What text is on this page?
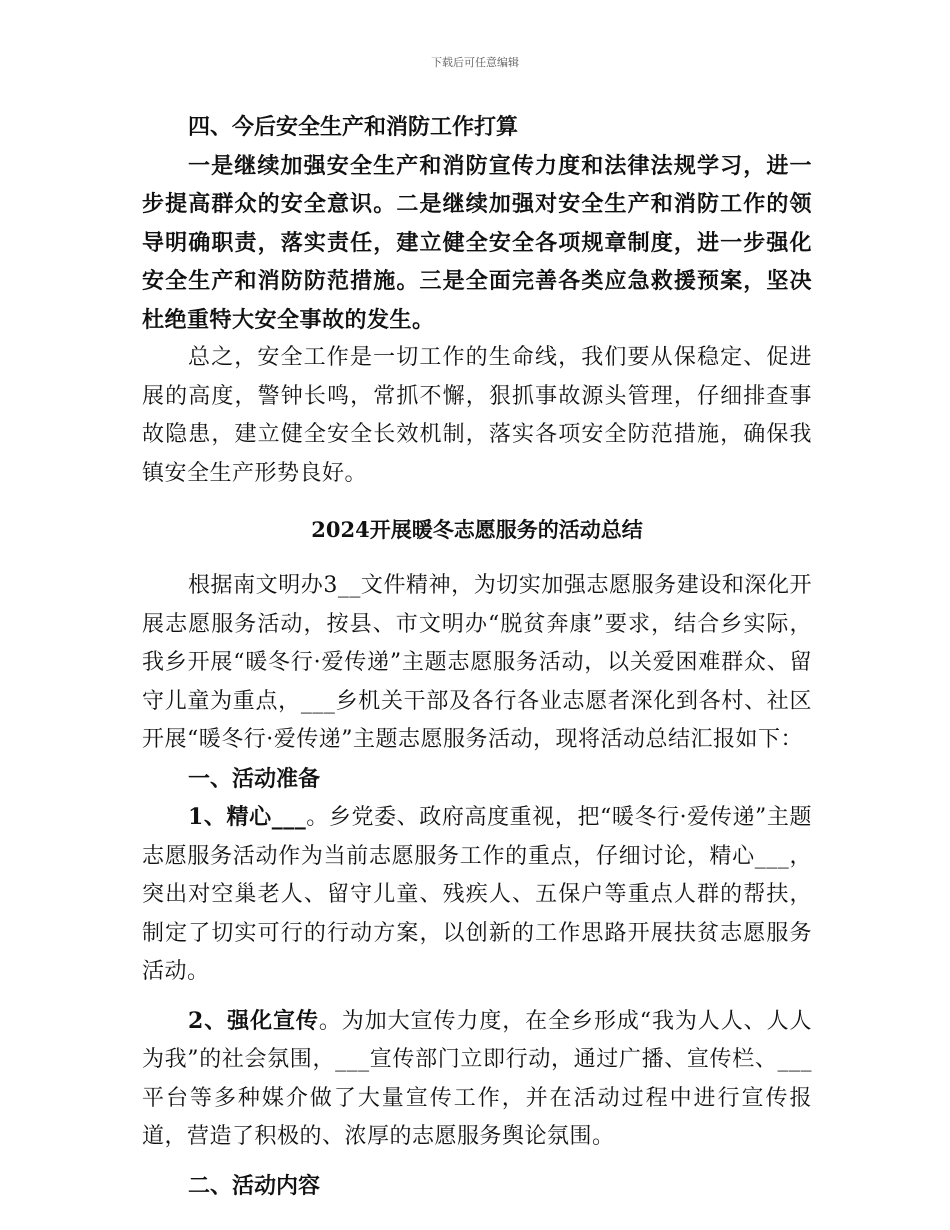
下载后可任意编辑
四、今后安全生产和消防工作打算

一是继续加强安全生产和消防宣传力度和法律法规学习，进一步提高群众的安全意识。二是继续加强对安全生产和消防工作的领导明确职责，落实责任，建立健全安全各项规章制度，进一步强化安全生产和消防防范措施。三是全面完善各类应急救援预案，坚决杜绝重特大安全事故的发生。

总之，安全工作是一切工作的生命线，我们要从保稳定、促进展的高度，警钟长鸣，常抓不懈，狠抓事故源头管理，仔细排查事故隐患，建立健全安全长效机制，落实各项安全防范措施，确保我镇安全生产形势良好。

2024开展暖冬志愿服务的活动总结

根据南文明办3__文件精神，为切实加强志愿服务建设和深化开展志愿服务活动，按县、市文明办“脱贫奔康”要求，结合乡实际，我乡开展“暖冬行·爱传递”主题志愿服务活动，以关爱困难群众、留守儿童为重点，___乡机关干部及各行各业志愿者深化到各村、社区开展“暖冬行·爱传递”主题志愿服务活动，现将活动总结汇报如下：

一、活动准备

1、精心___。乡党委、政府高度重视，把“暖冬行·爱传递”主题志愿服务活动作为当前志愿服务工作的重点，仔细讨论，精心___，突出对空巢老人、留守儿童、残疾人、五保户等重点人群的帮扶，制定了切实可行的行动方案，以创新的工作思路开展扶贫志愿服务活动。

2、强化宣传。为加大宣传力度，在全乡形成“我为人人、人人为我”的社会氛围，___宣传部门立即行动，通过广播、宣传栏、___平台等多种媒介做了大量宣传工作，并在活动过程中进行宣传报道，营造了积极的、浓厚的志愿服务舆论氛围。

二、活动内容
